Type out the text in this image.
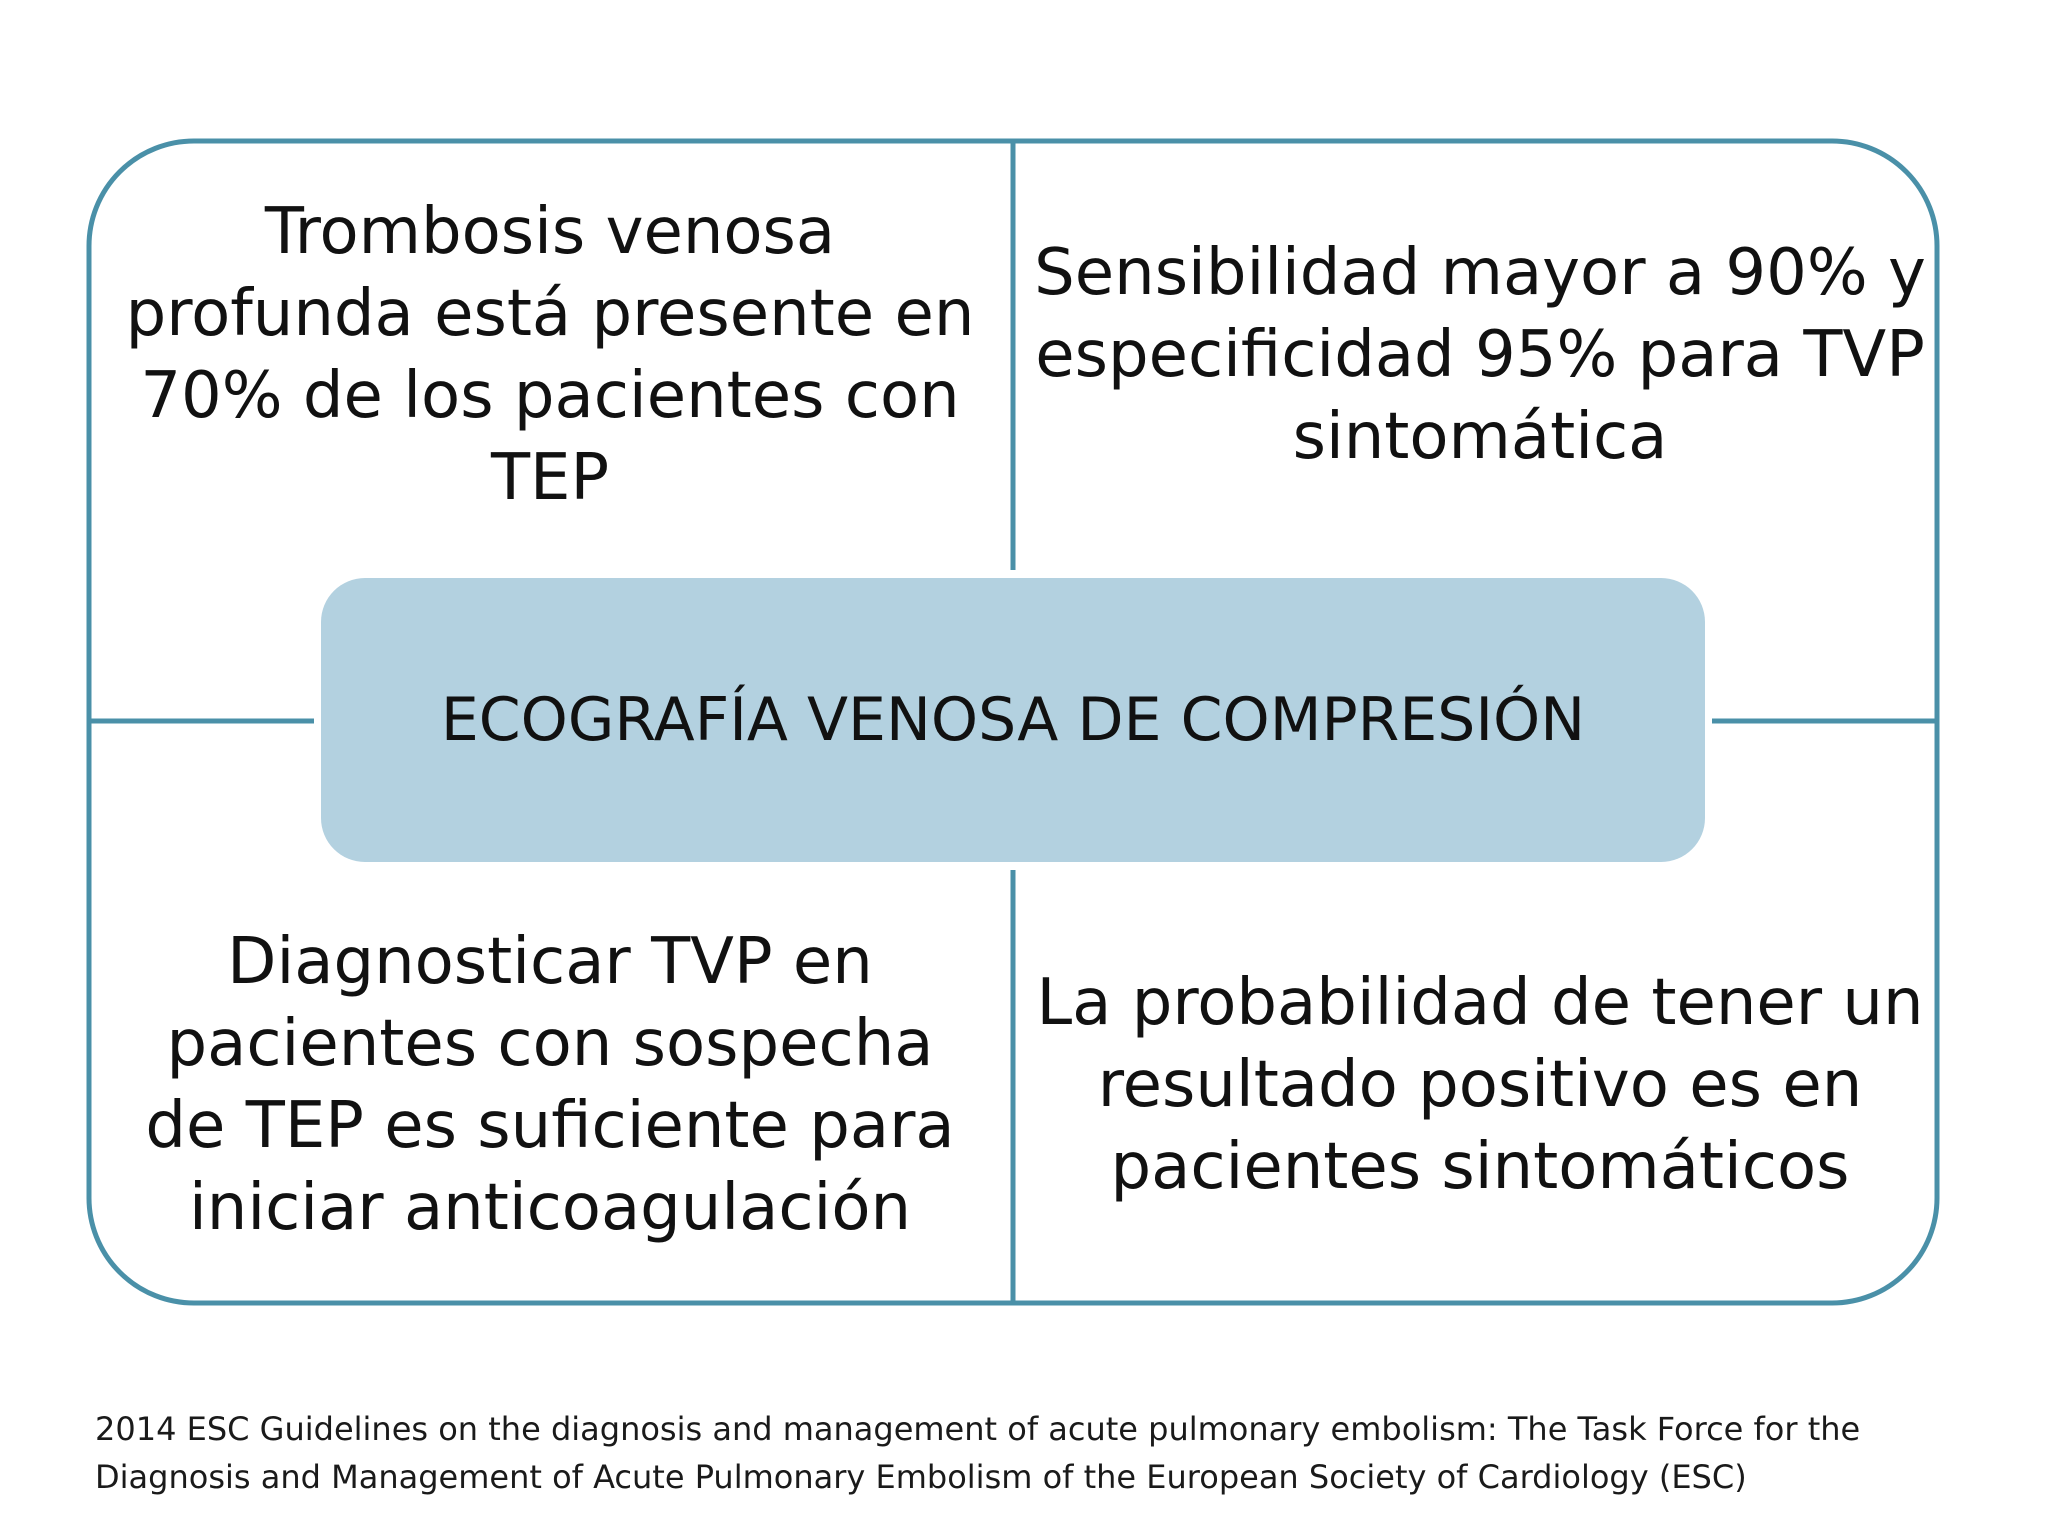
Trombosis venosa profunda está presente en 70% de los pacientes con TEP
Sensibilidad mayor a 90% y especificidad 95% para TVP sintomática
Diagnosticar TVP en pacientes con sospecha de TEP es suficiente para iniciar anticoagulación
La probabilidad de tener un resultado positivo es en pacientes sintomáticos
ECOGRAFÍA VENOSA DE COMPRESIÓN
2014 ESC Guidelines on the diagnosis and management of acute pulmonary embolism: The Task Force for the Diagnosis and Management of Acute Pulmonary Embolism of the European Society of Cardiology (ESC)
